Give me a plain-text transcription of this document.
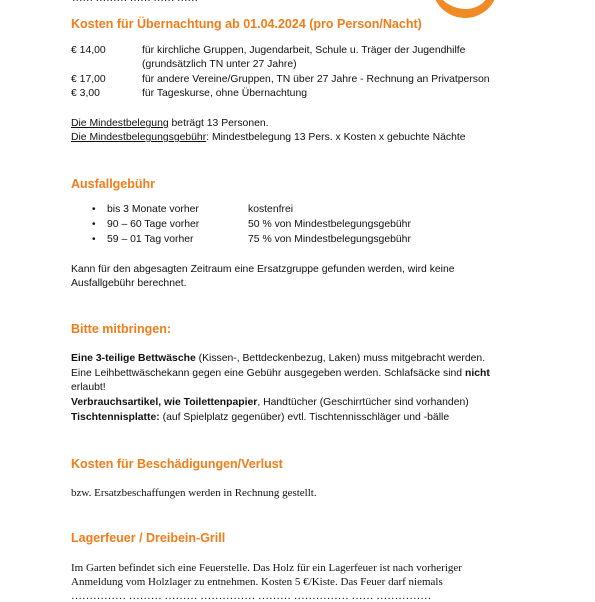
Kosten für Übernachtung ab 01.04.2024 (pro Person/Nacht)
€ 14,00	für kirchliche Gruppen, Jugendarbeit, Schule u. Träger der Jugendhilfe
(grundsätzlich TN unter 27 Jahre)
€ 17,00	für andere Vereine/Gruppen, TN über 27 Jahre - Rechnung an Privatperson
€ 3,00	für Tageskurse, ohne Übernachtung
Die Mindestbelegung beträgt 13 Personen.
Die Mindestbelegungsgebühr: Mindestbelegung 13 Pers. x Kosten x gebuchte Nächte
Ausfallgebühr
• bis 3 Monate vorher	kostenfrei
• 90 – 60 Tage vorher	50 % von Mindestbelegungsgebühr
• 59 – 01 Tag vorher	75 % von Mindestbelegungsgebühr
Kann für den abgesagten Zeitraum eine Ersatzgruppe gefunden werden, wird keine
Ausfallgebühr berechnet.
Bitte mitbringen:
Eine 3-teilige Bettwäsche (Kissen-, Bettdeckenbezug, Laken) muss mitgebracht werden.
Eine Leihbettwäschekann gegen eine Gebühr ausgegeben werden. Schlafsäcke sind nicht
erlaubt!
Verbrauchsartikel, wie Toilettenpapier, Handtücher (Geschirrtücher sind vorhanden)
Tischtennisplatte: (auf Spielplatz gegenüber) evtl. Tischtennisschläger und -bälle
Kosten für Beschädigungen/Verlust
bzw. Ersatzbeschaffungen werden in Rechnung gestellt.
Lagerfeuer / Dreibein-Grill
Im Garten befindet sich eine Feuerstelle. Das Holz für ein Lagerfeuer ist nach vorheriger
Anmeldung vom Holzlager zu entnehmen. Kosten 5 €/Kiste. Das Feuer darf niemals
…………… ……… ……… …………… ……… …………… …… ……………
